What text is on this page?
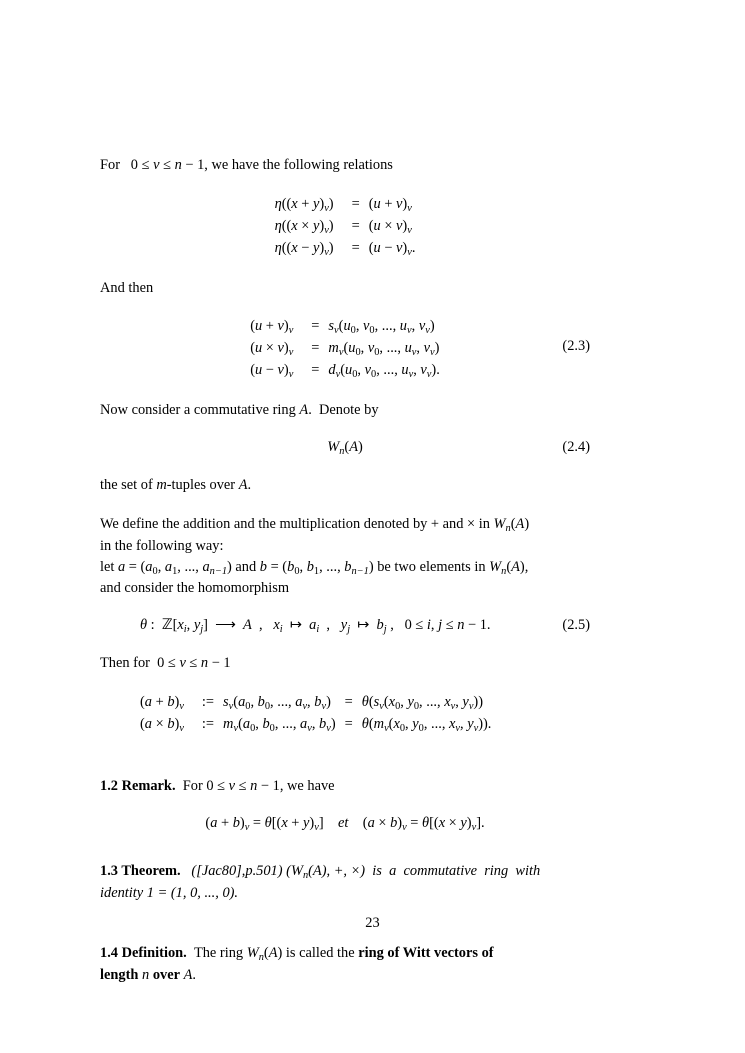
For   0 ≤ ν ≤ n − 1, we have the following relations

$\eta((x + y)_\nu)$	=	$(u + v)_\nu$
$\eta((x \times y)_\nu)$	=	$(u \times v)_\nu$
$\eta((x - y)_\nu)$	=	$(u - v)_\nu$.

And then

$(u + v)_\nu$	=	$s_\nu(u_0$, $v_0$, ..., $u_\nu$, $v_\nu$)
$(u \times v)_\nu$	=	$m_\nu(u_0$, $v_0$, ..., $u_\nu$, $v_\nu$)
$(u - v)_\nu$	=	$d_\nu(u_0$, $v_0$, ..., $u_\nu$, $v_\nu$).
(2.3)

Now consider a commutative ring A.  Denote by

$W_n(A)$	(2.4)

the set of m-tuples over A.

We define the addition and the multiplication denoted by + and × in $W_n(A)$
in the following way:
let $a = (a_0$, $a_1$, ..., $a_{n-1}$) and $b = (b_0$, $b_1$, ..., $b_{n-1}$) be two elements in $W_n(A)$,
and consider the homomorphism

θ :  $ℤ[x_i$, $y_j$]  ⟶  A  ,   $x_i$  ↦  $a_i$  ,   $y_j$  ↦  $b_j$ ,   0 ≤ i, j ≤ n − 1.	(2.5)

Then for  0 ≤ ν ≤ n − 1

$(a + b)_\nu$	:=	$s_\nu(a_0$, $b_0$, ..., $a_\nu$, $b_\nu$)	=	$\theta(s_\nu(x_0$, $y_0$, ..., $x_\nu$, $y_\nu$))
$(a \times b)_\nu$	:=	$m_\nu(a_0$, $b_0$, ..., $a_\nu$, $b_\nu$)	=	$\theta(m_\nu(x_0$, $y_0$, ..., $x_\nu$, $y_\nu$)).

1.2 Remark.  For 0 ≤ ν ≤ n − 1, we have

$(a + b)_\nu = \theta[(x + y)_\nu]$    et    $(a \times b)_\nu = \theta[(x \times y)_\nu]$.

1.3 Theorem. ([Jac80],p.501) ($W_n(A)$, +, ×)  is  a  commutative  ring  with
identity 1 = (1, 0, ..., 0).

1.4 Definition.  The ring $W_n(A)$ is called the ring of Witt vectors of
length n over A.

23
